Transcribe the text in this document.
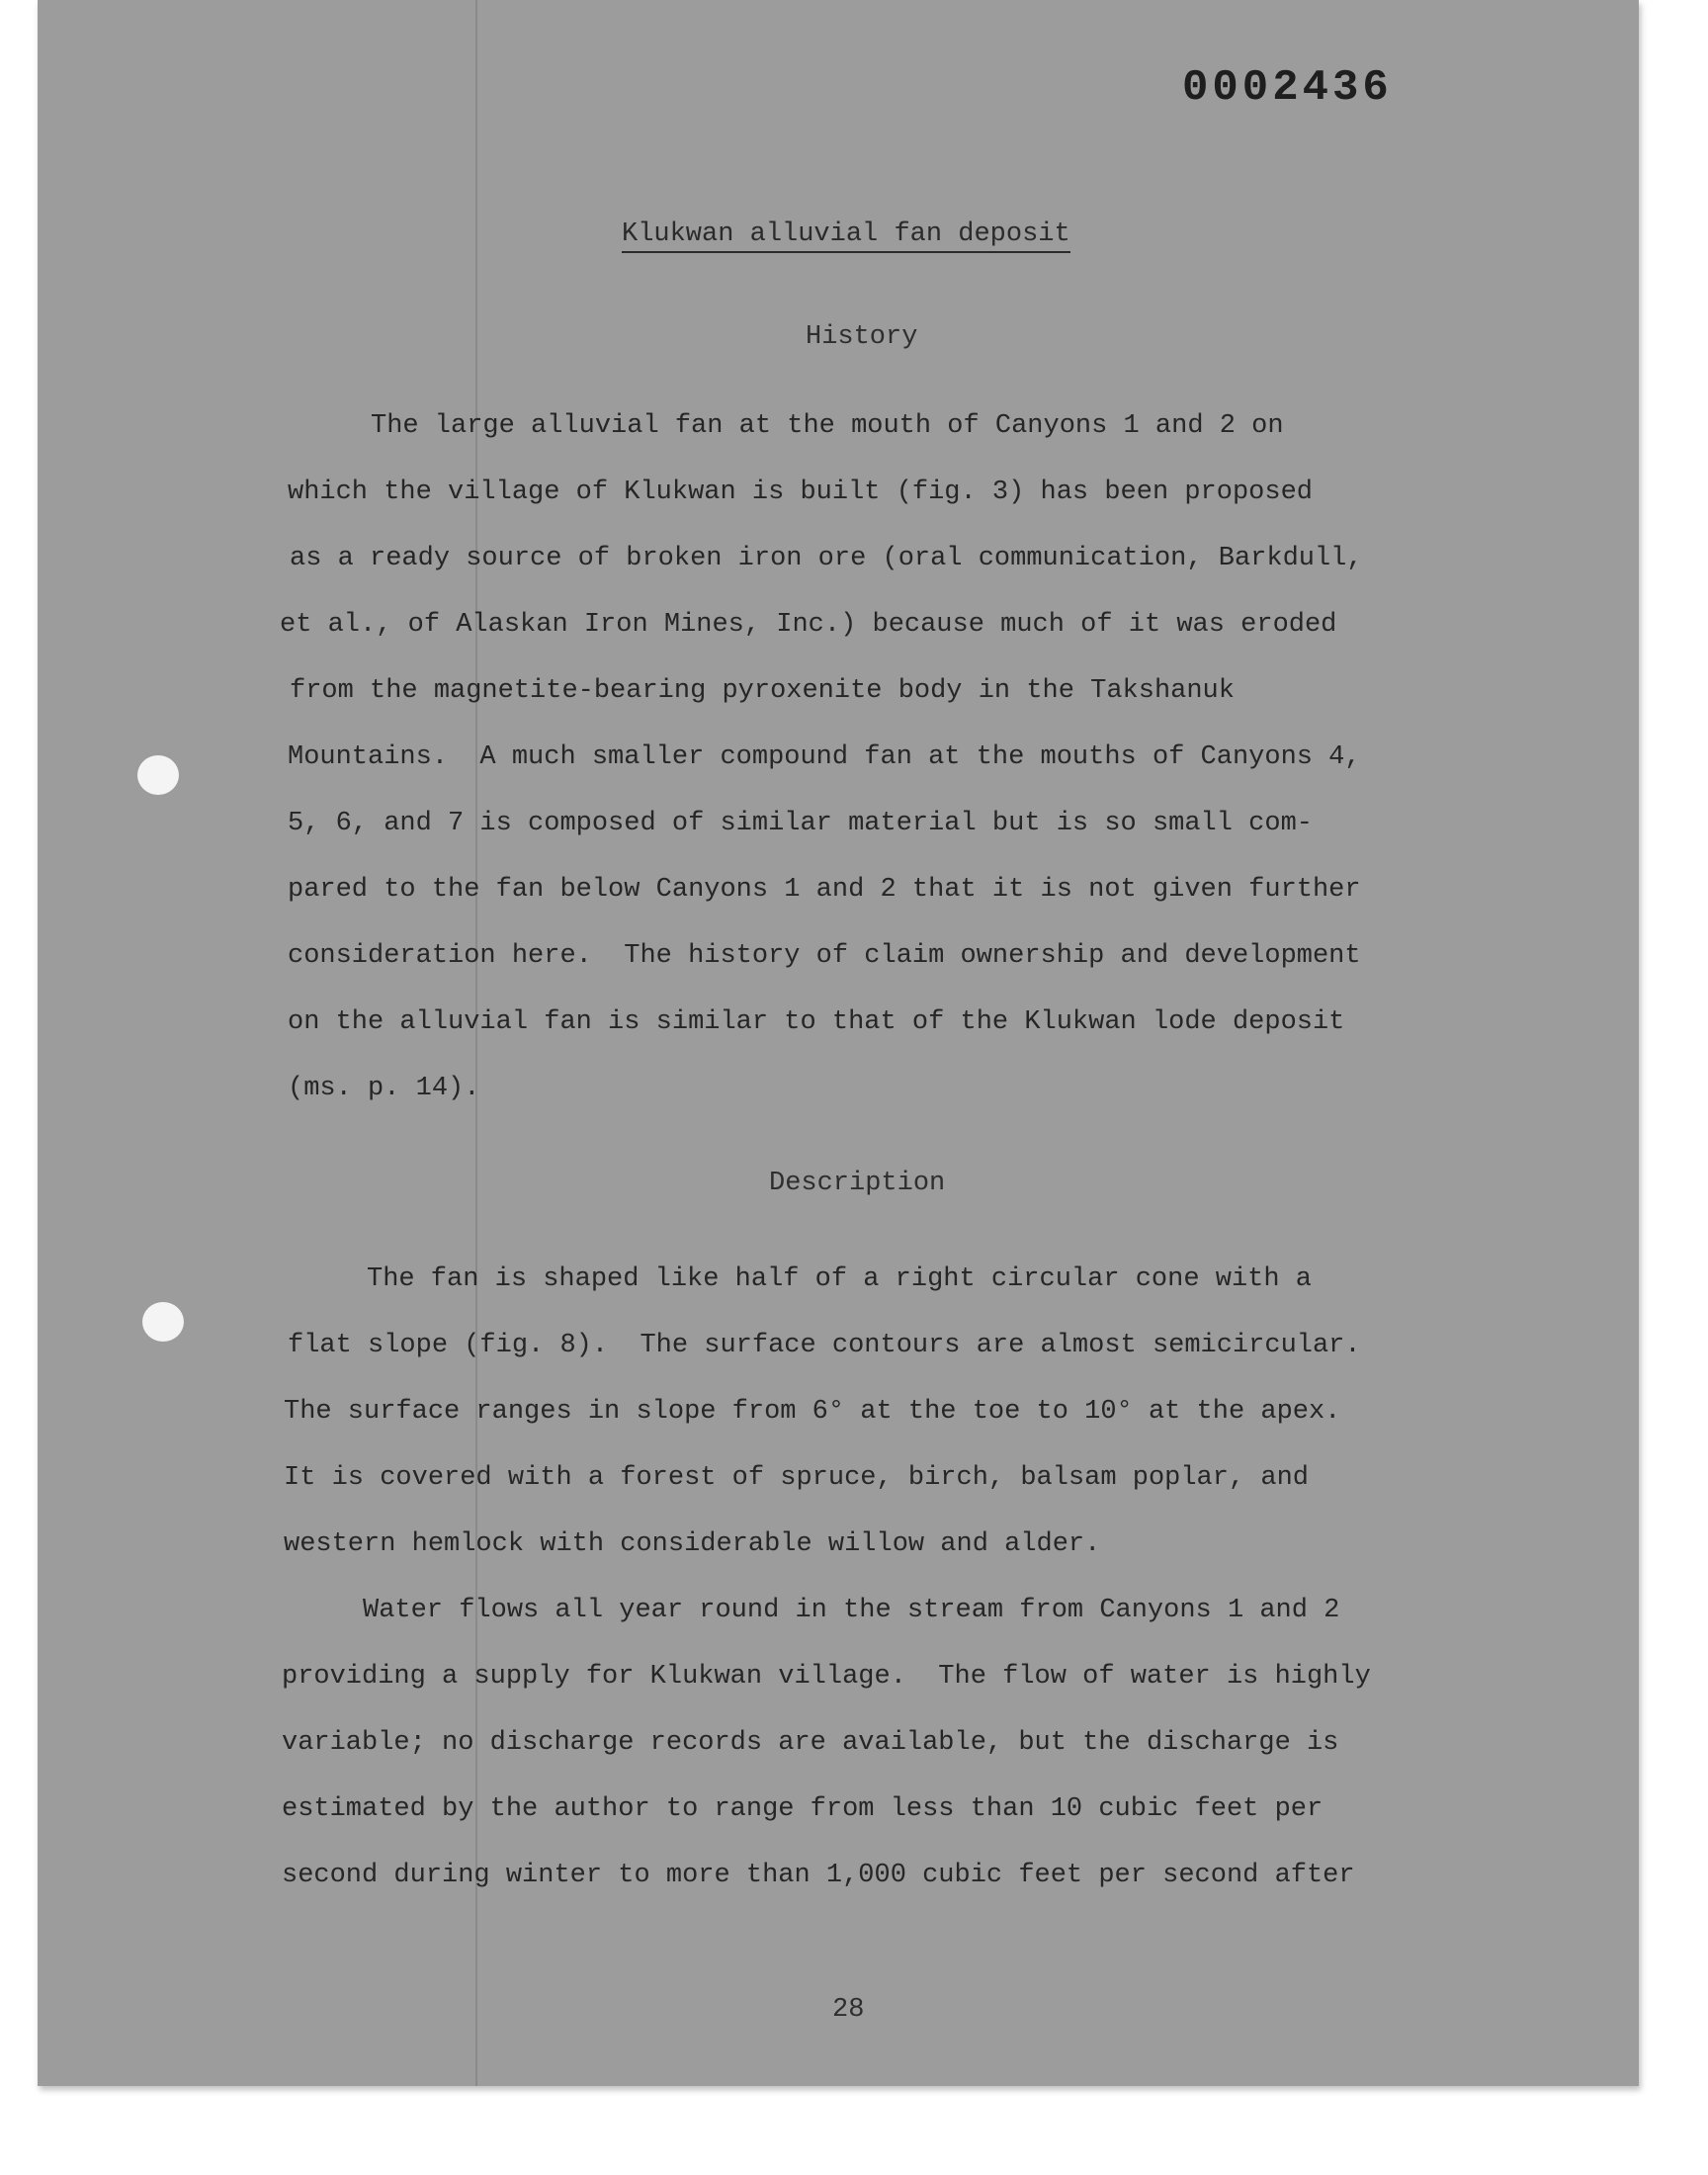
0002436
Klukwan alluvial fan deposit
History
The large alluvial fan at the mouth of Canyons 1 and 2 on
which the village of Klukwan is built (fig. 3) has been proposed
as a ready source of broken iron ore (oral communication, Barkdull,
et al., of Alaskan Iron Mines, Inc.) because much of it was eroded
from the magnetite-bearing pyroxenite body in the Takshanuk
Mountains.  A much smaller compound fan at the mouths of Canyons 4,
5, 6, and 7 is composed of similar material but is so small com-
pared to the fan below Canyons 1 and 2 that it is not given further
consideration here.  The history of claim ownership and development
on the alluvial fan is similar to that of the Klukwan lode deposit
(ms. p. 14).
Description
The fan is shaped like half of a right circular cone with a
flat slope (fig. 8).  The surface contours are almost semicircular.
The surface ranges in slope from 6° at the toe to 10° at the apex.
It is covered with a forest of spruce, birch, balsam poplar, and
western hemlock with considerable willow and alder.
Water flows all year round in the stream from Canyons 1 and 2
providing a supply for Klukwan village.  The flow of water is highly
variable; no discharge records are available, but the discharge is
estimated by the author to range from less than 10 cubic feet per
second during winter to more than 1,000 cubic feet per second after
28
